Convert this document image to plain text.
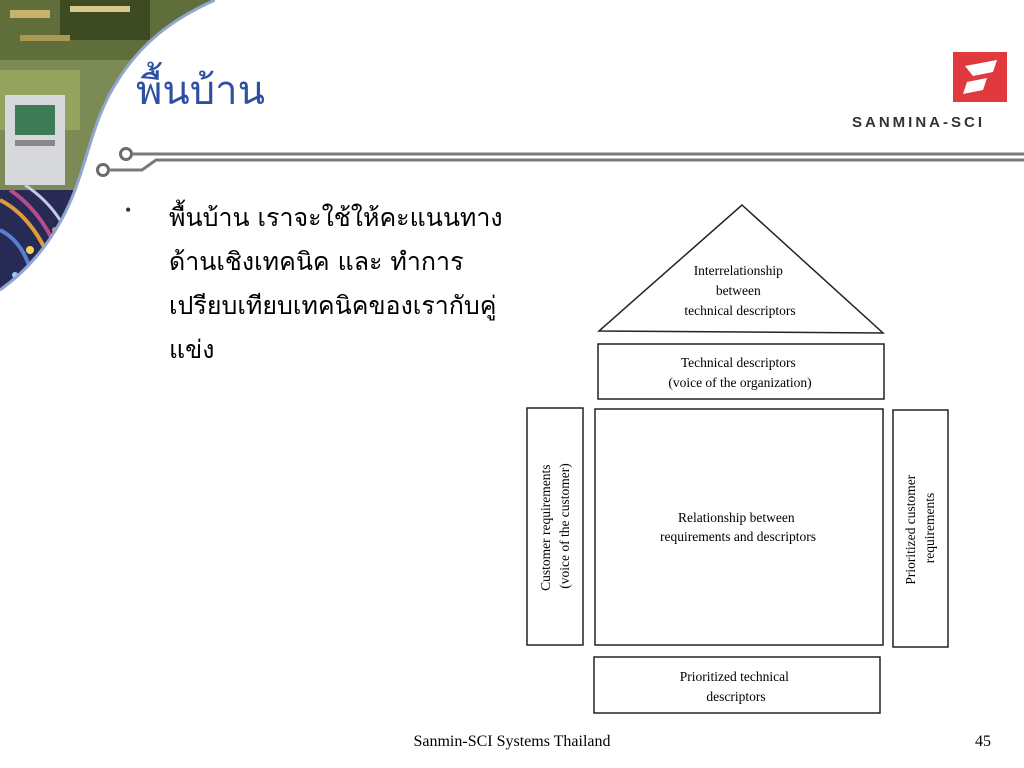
พื้นบ้าน
SANMINA-SCI
• พื้นบ้าน เราจะใช้ให้คะแนนทางด้านเชิงเทคนิค และ ทำการเปรียบเทียบเทคนิคของเรากับคู่แข่ง
Interrelationship between technical descriptors
Technical descriptors (voice of the organization)
Customer requirements (voice of the customer)	Relationship between requirements and descriptors	Prioritized customer requirements
Prioritized technical descriptors
Sanmin-SCI Systems Thailand	45
